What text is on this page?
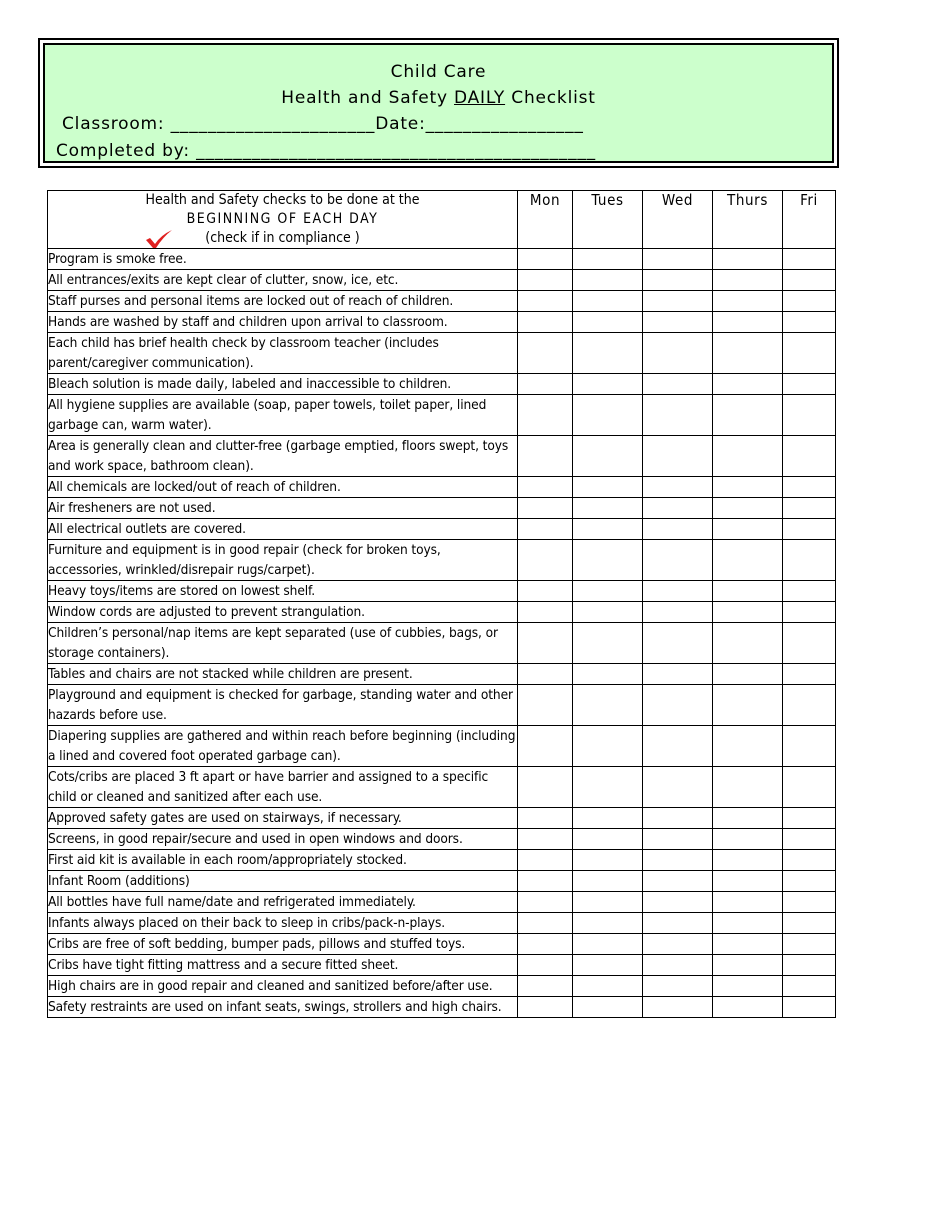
Child Care
Health and Safety DAILY Checklist
Classroom: ______________________Date:_________________
Completed by: ___________________________________________
Health and Safety checks to be done at the
BEGINNING OF EACH DAY
(check if in compliance )	Mon	Tues	Wed	Thurs	Fri
Program is smoke free.					
All entrances/exits are kept clear of clutter, snow, ice, etc.					
Staff purses and personal items are locked out of reach of children.					
Hands are washed by staff and children upon arrival to classroom.					
Each child has brief health check by classroom teacher (includes parent/caregiver communication).					
Bleach solution is made daily, labeled and inaccessible to children.					
All hygiene supplies are available (soap, paper towels, toilet paper, lined garbage can, warm water).					
Area is generally clean and clutter-free (garbage emptied, floors swept, toys and work space, bathroom clean).					
All chemicals are locked/out of reach of children.					
Air fresheners are not used.					
All electrical outlets are covered.					
Furniture and equipment is in good repair (check for broken toys, accessories, wrinkled/disrepair rugs/carpet).					
Heavy toys/items are stored on lowest shelf.					
Window cords are adjusted to prevent strangulation.					
Children’s personal/nap items are kept separated (use of cubbies, bags, or storage containers).					
Tables and chairs are not stacked while children are present.					
Playground and equipment is checked for garbage, standing water and other hazards before use.					
Diapering supplies are gathered and within reach before beginning (including a lined and covered foot operated garbage can).					
Cots/cribs are placed 3 ft apart or have barrier and assigned to a specific child or cleaned and sanitized after each use.					
Approved safety gates are used on stairways, if necessary.					
Screens, in good repair/secure and used in open windows and doors.					
First aid kit is available in each room/appropriately stocked.					
Infant Room (additions)					
All bottles have full name/date and refrigerated immediately.					
Infants always placed on their back to sleep in cribs/pack-n-plays.					
Cribs are free of soft bedding, bumper pads, pillows and stuffed toys.					
Cribs have tight fitting mattress and a secure fitted sheet.					
High chairs are in good repair and cleaned and sanitized before/after use.					
Safety restraints are used on infant seats, swings, strollers and high chairs.					
